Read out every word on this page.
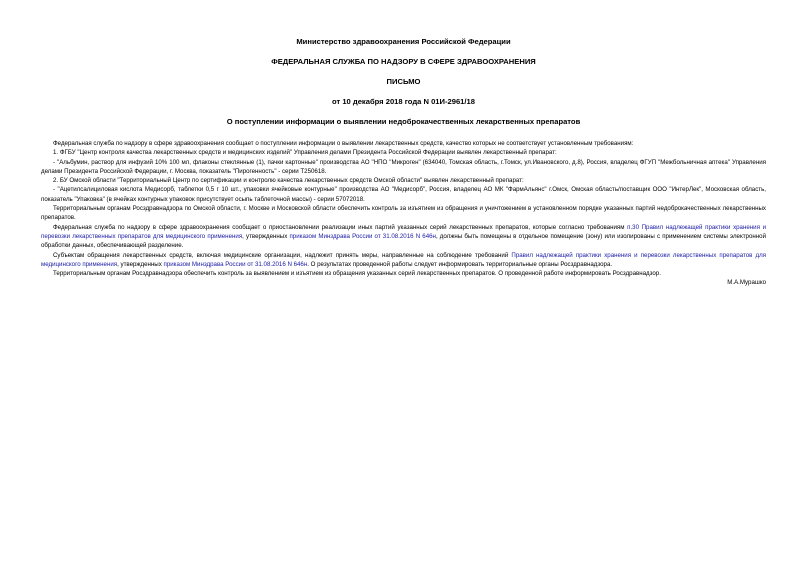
Министерство здравоохранения Российской Федерации

ФЕДЕРАЛЬНАЯ СЛУЖБА ПО НАДЗОРУ В СФЕРЕ ЗДРАВООХРАНЕНИЯ

ПИСЬМО

от 10 декабря 2018 года N 01И-2961/18

О поступлении информации о выявлении недоброкачественных лекарственных препаратов

Федеральная служба по надзору в сфере здравоохранения сообщает о поступлении информации о выявлении лекарственных средств, качество которых не соответствует установленным требованиям:

1. ФГБУ "Центр контроля качества лекарственных средств и медицинских изделий" Управления делами Президента Российской Федерации выявлен лекарственный препарат:

- "Альбумин, раствор для инфузий 10% 100 мл, флаконы стеклянные (1), пачки картонные" производства АО "НПО "Микроген" (634040, Томская область, г.Томск, ул.Ивановского, д.8), Россия, владелец ФГУП "Межбольничная аптека" Управления делами Президента Российской Федерации, г. Москва, показатель "Пирогенность" - серии Т250618.

2. БУ Омской области "Территориальный Центр по сертификации и контролю качества лекарственных средств Омской области" выявлен лекарственный препарат:

- "Ацетилсалициловая кислота Медисорб, таблетки 0,5 г 10 шт., упаковки ячейковые контурные" производства АО "Медисорб", Россия, владелец АО МК "ФармАльянс" г.Омск, Омская область/поставщик ООО "ИнтерЛек", Московская область, показатель "Упаковка" (в ячейках контурных упаковок присутствует осыпь таблеточной массы) - серии 57072018.

Территориальным органам Росздравнадзора по Омской области, г. Москве и Московской области обеспечить контроль за изъятием из обращения и уничтожением в установленном порядке указанных партий недоброкачественных лекарственных препаратов.

Федеральная служба по надзору в сфере здравоохранения сообщает о приостановлении реализации иных партий указанных серий лекарственных препаратов, которые согласно требованиям п.30 Правил надлежащей практики хранения и перевозки лекарственных препаратов для медицинского применения, утвержденных приказом Минздрава России от 31.08.2016 N 646н, должны быть помещены в отдельное помещение (зону) или изолированы с применением системы электронной обработки данных, обеспечивающей разделение.

Субъектам обращения лекарственных средств, включая медицинские организации, надлежит принять меры, направленные на соблюдение требований Правил надлежащей практики хранения и перевозки лекарственных препаратов для медицинского применения, утвержденных приказом Минздрава России от 31.08.2016 N 646н. О результатах проведенной работы следует информировать территориальные органы Росздравнадзора.

Территориальным органам Росздравнадзора обеспечить контроль за выявлением и изъятием из обращения указанных серий лекарственных препаратов. О проведенной работе информировать Росздравнадзор.

М.А.Мурашко
